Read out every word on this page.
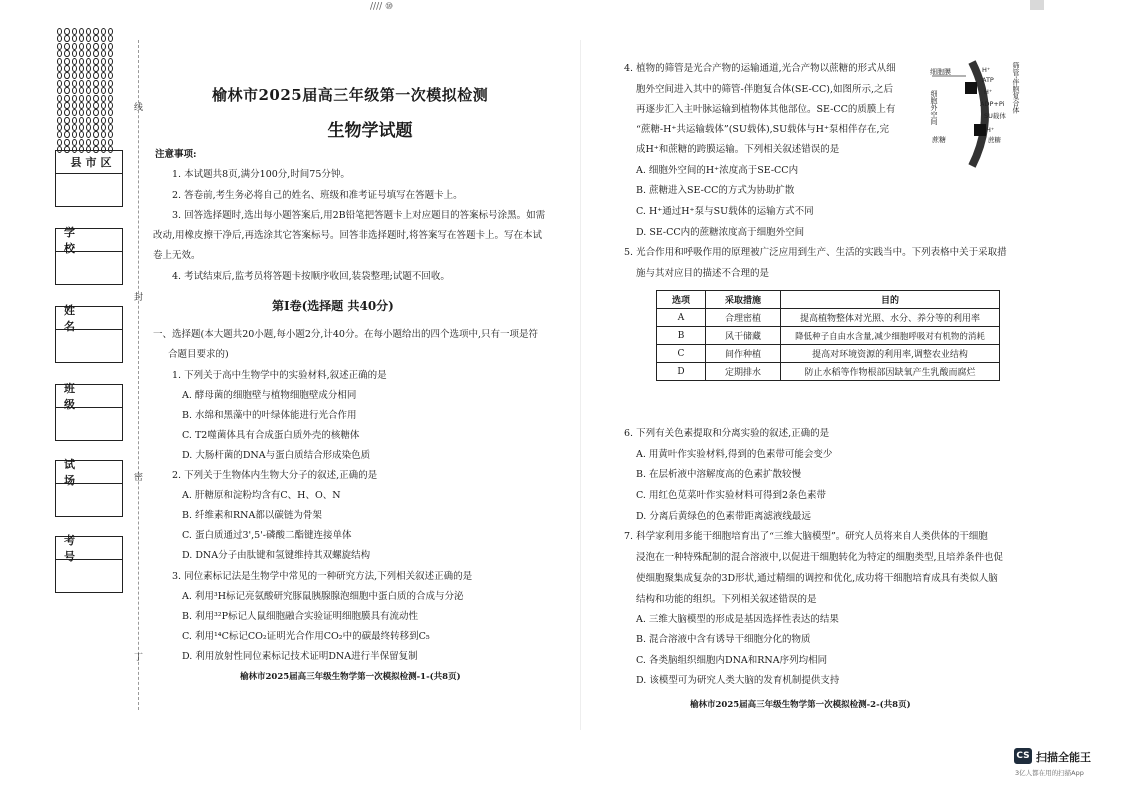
//// ⑩
线
封
密
丁
县市区
学 校
姓 名
班 级
试 场
考 号
榆林市2025届高三年级第一次模拟检测
生物学试题
注意事项:
1. 本试题共8页,满分100分,时间75分钟。
2. 答卷前,考生务必将自己的姓名、班级和准考证号填写在答题卡上。
3. 回答选择题时,选出每小题答案后,用2B铅笔把答题卡上对应题目的答案标号涂黑。如需
改动,用橡皮擦干净后,再选涂其它答案标号。回答非选择题时,将答案写在答题卡上。写在本试
卷上无效。
4. 考试结束后,监考员将答题卡按顺序收回,装袋整理;试题不回收。
第Ⅰ卷(选择题 共40分)
一、选择题(本大题共20小题,每小题2分,计40分。在每小题给出的四个选项中,只有一项是符
合题目要求的)
1. 下列关于高中生物学中的实验材料,叙述正确的是
A. 酵母菌的细胞壁与植物细胞壁成分相同
B. 水绵和黑藻中的叶绿体能进行光合作用
C. T2噬菌体具有合成蛋白质外壳的核糖体
D. 大肠杆菌的DNA与蛋白质结合形成染色质
2. 下列关于生物体内生物大分子的叙述,正确的是
A. 肝糖原和淀粉均含有C、H、O、N
B. 纤维素和RNA都以碳链为骨架
C. 蛋白质通过3',5'-磷酸二酯键连接单体
D. DNA分子由肽键和氢键维持其双螺旋结构
3. 同位素标记法是生物学中常见的一种研究方法,下列相关叙述正确的是
A. 利用³H标记亮氨酸研究豚鼠胰腺腺泡细胞中蛋白质的合成与分泌
B. 利用³²P标记人鼠细胞融合实验证明细胞膜具有流动性
C. 利用¹⁴C标记CO₂证明光合作用CO₂中的碳最终转移到C₅
D. 利用放射性同位素标记技术证明DNA进行半保留复制
榆林市2025届高三年级生物学第一次模拟检测-1-(共8页)
4. 植物的筛管是光合产物的运输通道,光合产物以蔗糖的形式从细
胞外空间进入其中的筛管-伴胞复合体(SE-CC),如图所示,之后
再逐步汇入主叶脉运输到植物体其他部位。SE-CC的质膜上有
“蔗糖-H⁺共运输载体”(SU载体),SU载体与H⁺泵相伴存在,完
成H⁺和蔗糖的跨膜运输。下列相关叙述错误的是
A. 细胞外空间的H⁺浓度高于SE-CC内
B. 蔗糖进入SE-CC的方式为协助扩散
C. H⁺通过H⁺泵与SU载体的运输方式不同
D. SE-CC内的蔗糖浓度高于细胞外空间
细胞膜	H⁺
ATP
H⁺
ADP+Pi
SU载体
H⁺
蔗糖
蔗糖
细胞外空间	筛管-伴胞复合体
5. 光合作用和呼吸作用的原理被广泛应用到生产、生活的实践当中。下列表格中关于采取措
施与其对应目的描述不合理的是
选项	采取措施	目的
A	合理密植	提高植物整体对光照、水分、养分等的利用率
B	风干储藏	降低种子自由水含量,减少细胞呼吸对有机物的消耗
C	间作种植	提高对环境资源的利用率,调整农业结构
D	定期排水	防止水稻等作物根部因缺氧产生乳酸而腐烂
6. 下列有关色素提取和分离实验的叙述,正确的是
A. 用黄叶作实验材料,得到的色素带可能会变少
B. 在层析液中溶解度高的色素扩散较慢
C. 用红色苋菜叶作实验材料可得到2条色素带
D. 分离后黄绿色的色素带距离滤液线最远
7. 科学家利用多能干细胞培育出了“三维大脑模型”。研究人员将来自人类供体的干细胞
浸泡在一种特殊配制的混合溶液中,以促进干细胞转化为特定的细胞类型,且培养条件也促
使细胞聚集成复杂的3D形状,通过精细的调控和优化,成功将干细胞培育成具有类似人脑
结构和功能的组织。下列相关叙述错误的是
A. 三维大脑模型的形成是基因选择性表达的结果
B. 混合溶液中含有诱导干细胞分化的物质
C. 各类脑组织细胞内DNA和RNA序列均相同
D. 该模型可为研究人类大脑的发育机制提供支持
榆林市2025届高三年级生物学第一次模拟检测-2-(共8页)
CS 扫描全能王
3亿人都在用的扫描App
